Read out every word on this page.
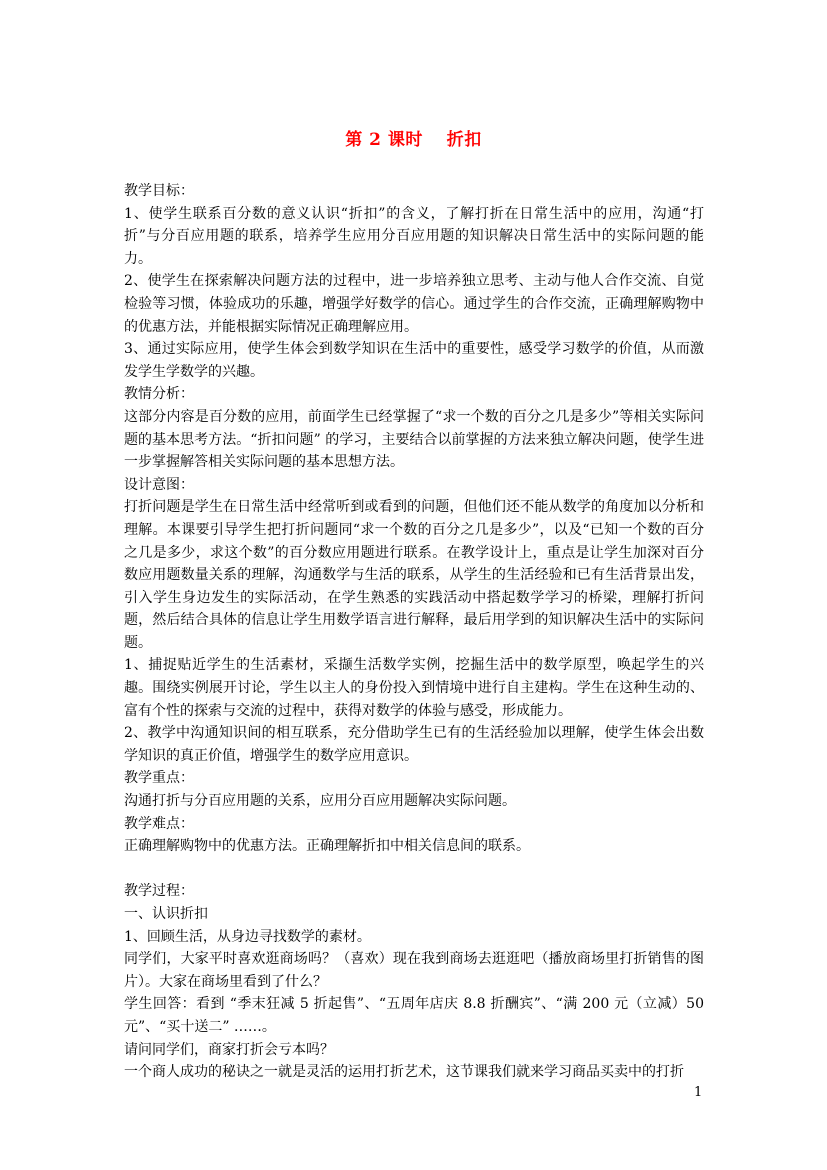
第 2 课时　 折扣

教学目标：

1、使学生联系百分数的意义认识“折扣”的含义，了解打折在日常生活中的应用，沟通“打折”与分百应用题的联系，培养学生应用分百应用题的知识解决日常生活中的实际问题的能力。

2、使学生在探索解决问题方法的过程中，进一步培养独立思考、主动与他人合作交流、自觉检验等习惯，体验成功的乐趣，增强学好数学的信心。通过学生的合作交流，正确理解购物中的优惠方法，并能根据实际情况正确理解应用。

3、通过实际应用，使学生体会到数学知识在生活中的重要性，感受学习数学的价值，从而激发学生学数学的兴趣。

教情分析：

这部分内容是百分数的应用，前面学生已经掌握了“求一个数的百分之几是多少”等相关实际问题的基本思考方法。“折扣问题” 的学习，主要结合以前掌握的方法来独立解决问题，使学生进一步掌握解答相关实际问题的基本思想方法。

设计意图：

打折问题是学生在日常生活中经常听到或看到的问题，但他们还不能从数学的角度加以分析和理解。本课要引导学生把打折问题同“求一个数的百分之几是多少”，以及“已知一个数的百分之几是多少，求这个数”的百分数应用题进行联系。在教学设计上，重点是让学生加深对百分数应用题数量关系的理解，沟通数学与生活的联系，从学生的生活经验和已有生活背景出发，引入学生身边发生的实际活动，在学生熟悉的实践活动中搭起数学学习的桥梁，理解打折问题，然后结合具体的信息让学生用数学语言进行解释，最后用学到的知识解决生活中的实际问题。

1、捕捉贴近学生的生活素材，采撷生活数学实例，挖掘生活中的数学原型，唤起学生的兴趣。围绕实例展开讨论，学生以主人的身份投入到情境中进行自主建构。学生在这种生动的、富有个性的探索与交流的过程中，获得对数学的体验与感受，形成能力。

2、教学中沟通知识间的相互联系，充分借助学生已有的生活经验加以理解，使学生体会出数学知识的真正价值，增强学生的数学应用意识。

教学重点：

沟通打折与分百应用题的关系，应用分百应用题解决实际问题。

教学难点：

正确理解购物中的优惠方法。正确理解折扣中相关信息间的联系。

教学过程：

一、认识折扣

1、回顾生活，从身边寻找数学的素材。

同学们，大家平时喜欢逛商场吗？（喜欢）现在我到商场去逛逛吧（播放商场里打折销售的图片）。大家在商场里看到了什么？

学生回答：看到 “季末狂减 5 折起售”、“五周年店庆 8.8 折酬宾”、“满 200 元（立减）50 元”、“买十送二” ……。

请问同学们，商家打折会亏本吗？

一个商人成功的秘诀之一就是灵活的运用打折艺术，这节课我们就来学习商品买卖中的打折

1
